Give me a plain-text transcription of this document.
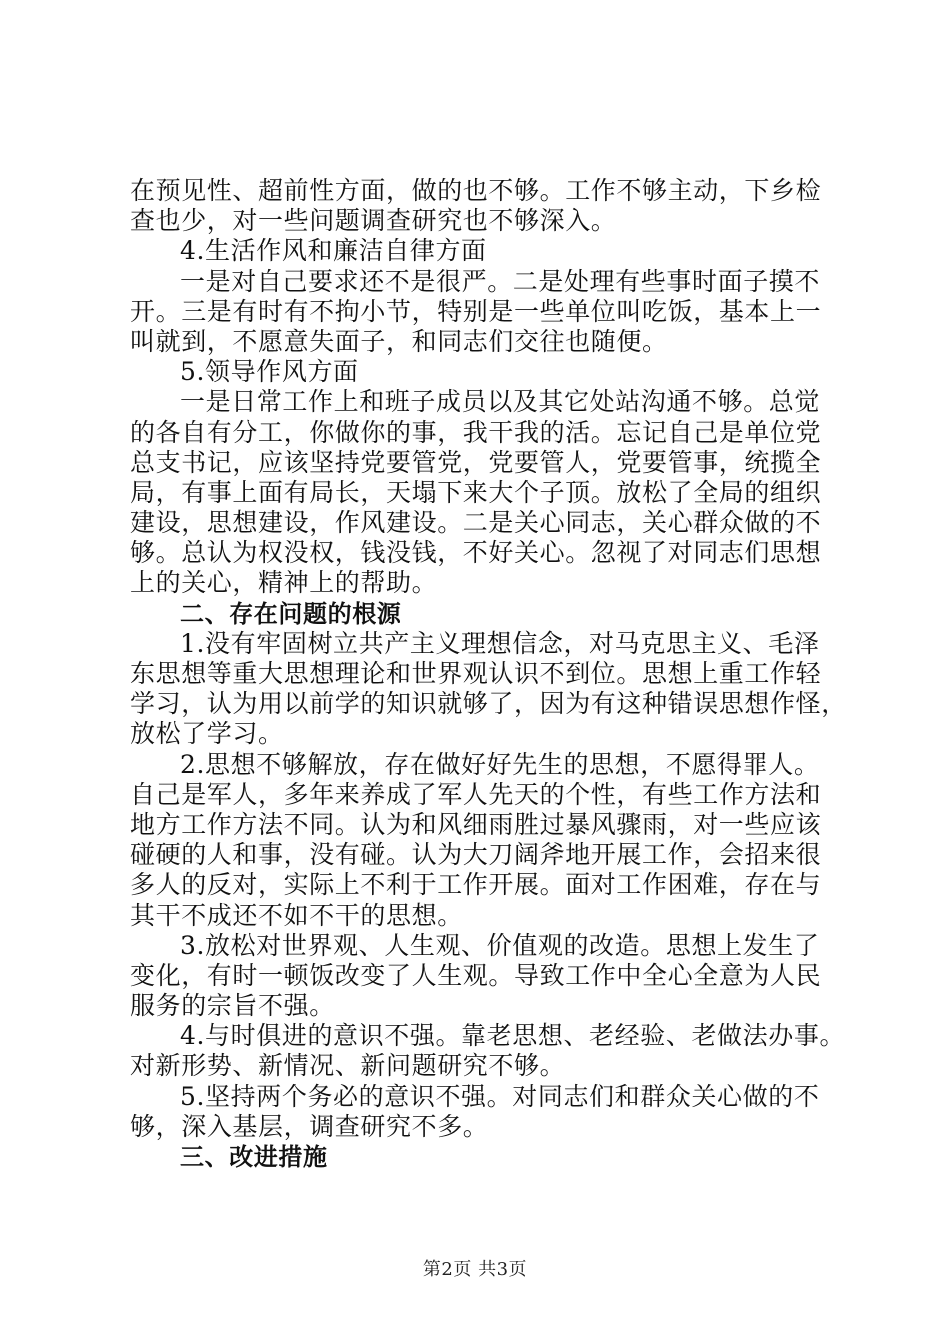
在预见性、超前性方面，做的也不够。工作不够主动，下乡检
查也少，对一些问题调查研究也不够深入。
4.生活作风和廉洁自律方面
一是对自己要求还不是很严。二是处理有些事时面子摸不
开。三是有时有不拘小节，特别是一些单位叫吃饭，基本上一
叫就到，不愿意失面子，和同志们交往也随便。
5.领导作风方面
一是日常工作上和班子成员以及其它处站沟通不够。总觉
的各自有分工，你做你的事，我干我的活。忘记自己是单位党
总支书记，应该坚持党要管党，党要管人，党要管事，统揽全
局，有事上面有局长，天塌下来大个子顶。放松了全局的组织
建设，思想建设，作风建设。二是关心同志，关心群众做的不
够。总认为权没权，钱没钱，不好关心。忽视了对同志们思想
上的关心，精神上的帮助。
二、存在问题的根源
1.没有牢固树立共产主义理想信念，对马克思主义、毛泽
东思想等重大思想理论和世界观认识不到位。思想上重工作轻
学习，认为用以前学的知识就够了，因为有这种错误思想作怪，
放松了学习。
2.思想不够解放，存在做好好先生的思想，不愿得罪人。
自己是军人，多年来养成了军人先天的个性，有些工作方法和
地方工作方法不同。认为和风细雨胜过暴风骤雨，对一些应该
碰硬的人和事，没有碰。认为大刀阔斧地开展工作，会招来很
多人的反对，实际上不利于工作开展。面对工作困难，存在与
其干不成还不如不干的思想。
3.放松对世界观、人生观、价值观的改造。思想上发生了
变化，有时一顿饭改变了人生观。导致工作中全心全意为人民
服务的宗旨不强。
4.与时俱进的意识不强。靠老思想、老经验、老做法办事。
对新形势、新情况、新问题研究不够。
5.坚持两个务必的意识不强。对同志们和群众关心做的不
够，深入基层，调查研究不多。
三、改进措施
第2页 共3页
